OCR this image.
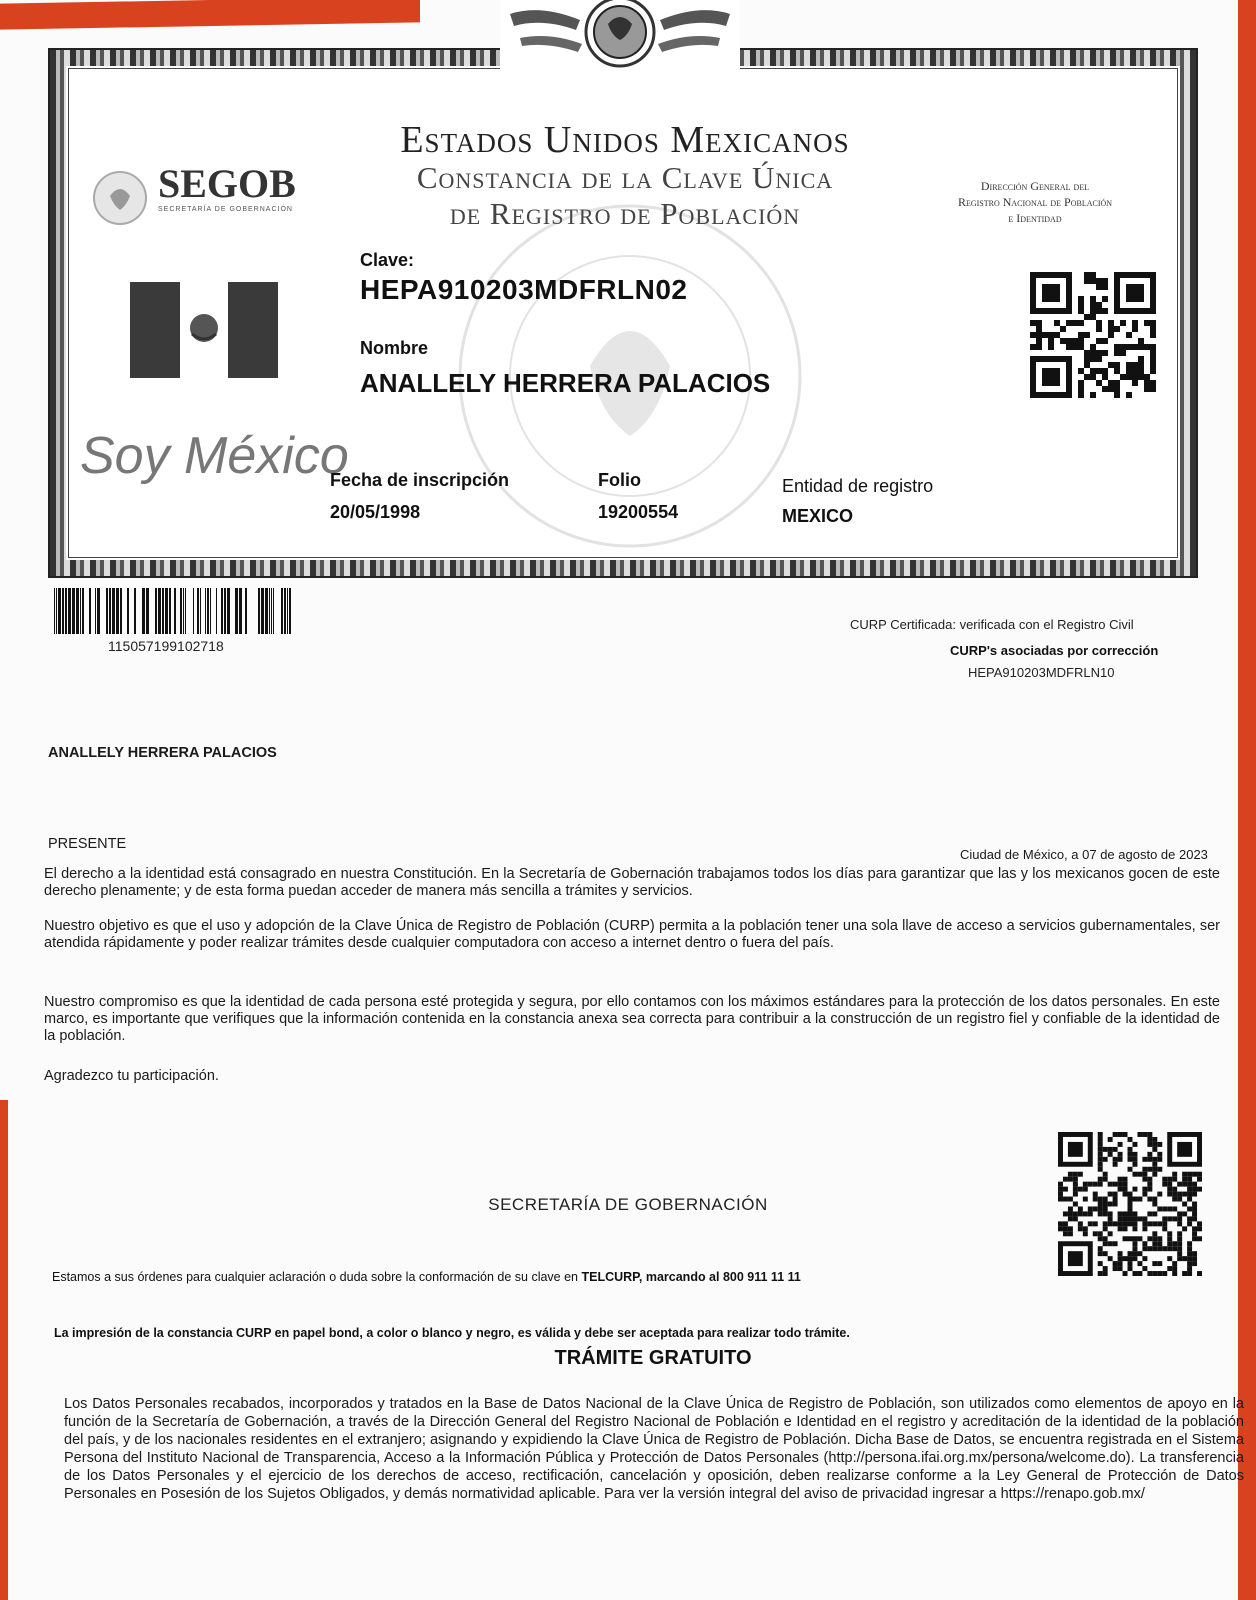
Estados Unidos Mexicanos
Constancia de la Clave Única
de Registro de Población
SEGOB
SECRETARÍA DE GOBERNACIÓN
Dirección General del
Registro Nacional de Población
e Identidad
Soy México
Clave:
HEPA910203MDFRLN02
Nombre
ANALLELY HERRERA PALACIOS
Fecha de inscripción
20/05/1998
Folio
19200554
Entidad de registro
MEXICO
115057199102718
CURP Certificada: verificada con el Registro Civil
CURP's asociadas por corrección
HEPA910203MDFRLN10
ANALLELY HERRERA PALACIOS
PRESENTE
Ciudad de México, a 07 de agosto de 2023
El derecho a la identidad está consagrado en nuestra Constitución. En la Secretaría de Gobernación trabajamos todos los días para garantizar que las y los mexicanos gocen de este derecho plenamente; y de esta forma puedan acceder de manera más sencilla a trámites y servicios.
Nuestro objetivo es que el uso y adopción de la Clave Única de Registro de Población (CURP) permita a la población tener una sola llave de acceso a servicios gubernamentales, ser atendida rápidamente y poder realizar trámites desde cualquier computadora con acceso a internet dentro o fuera del país.
Nuestro compromiso es que la identidad de cada persona esté protegida y segura, por ello contamos con los máximos estándares para la protección de los datos personales. En este marco, es importante que verifiques que la información contenida en la constancia anexa sea correcta para contribuir a la construcción de un registro fiel y confiable de la identidad de la población.
Agradezco tu participación.
SECRETARÍA DE GOBERNACIÓN
Estamos a sus órdenes para cualquier aclaración o duda sobre la conformación de su clave en TELCURP, marcando al 800 911 11 11
La impresión de la constancia CURP en papel bond, a color o blanco y negro, es válida y debe ser aceptada para realizar todo trámite.
TRÁMITE GRATUITO
Los Datos Personales recabados, incorporados y tratados en la Base de Datos Nacional de la Clave Única de Registro de Población, son utilizados como elementos de apoyo en la función de la Secretaría de Gobernación, a través de la Dirección General del Registro Nacional de Población e Identidad en el registro y acreditación de la identidad de la población del país, y de los nacionales residentes en el extranjero; asignando y expidiendo la Clave Única de Registro de Población. Dicha Base de Datos, se encuentra registrada en el Sistema Persona del Instituto Nacional de Transparencia, Acceso a la Información Pública y Protección de Datos Personales (http://persona.ifai.org.mx/persona/welcome.do). La transferencia de los Datos Personales y el ejercicio de los derechos de acceso, rectificación, cancelación y oposición, deben realizarse conforme a la Ley General de Protección de Datos Personales en Posesión de los Sujetos Obligados, y demás normatividad aplicable. Para ver la versión integral del aviso de privacidad ingresar a https://renapo.gob.mx/
